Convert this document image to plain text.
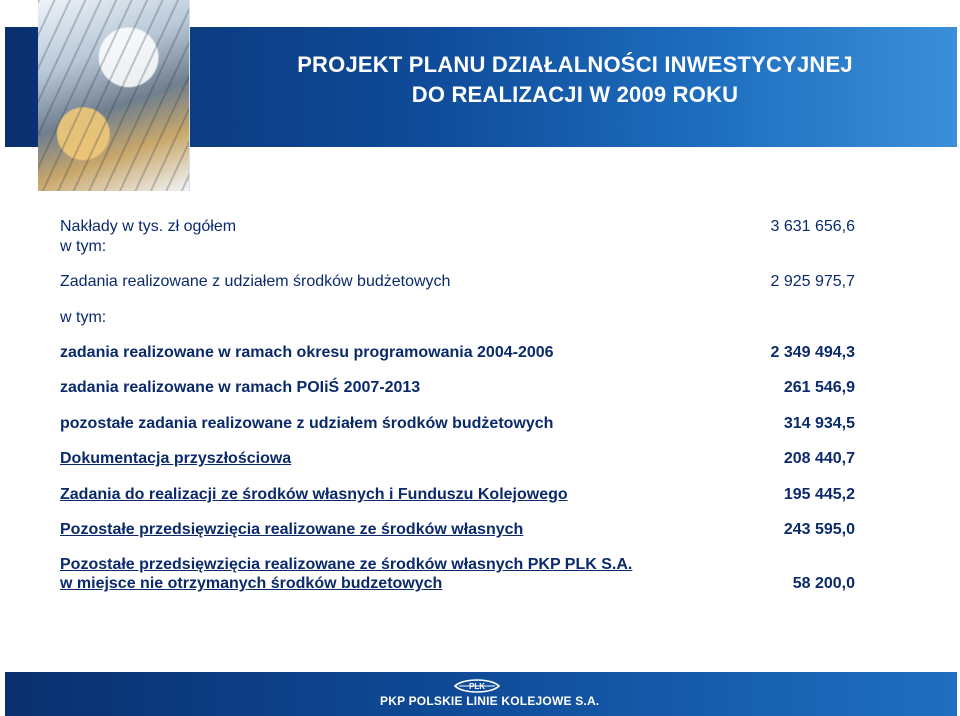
PROJEKT PLANU DZIAŁALNOŚCI INWESTYCYJNEJ
DO REALIZACJI W 2009 ROKU
Nakłady w tys. zł ogółem	3 631 656,6
w tym:
Zadania realizowane z udziałem środków budżetowych	2 925 975,7
w tym:
zadania realizowane w ramach okresu programowania 2004-2006	2 349 494,3
zadania realizowane w ramach POIiŚ 2007-2013	261 546,9
pozostałe zadania realizowane z udziałem środków budżetowych	314 934,5
Dokumentacja przyszłościowa	208 440,7
Zadania do realizacji ze środków własnych i Funduszu Kolejowego	195 445,2
Pozostałe przedsięwzięcia realizowane ze środków własnych	243 595,0
Pozostałe przedsięwzięcia realizowane ze środków własnych PKP PLK S.A.
w miejsce nie otrzymanych środków budzetowych	58 200,0
PLK
PKP POLSKIE LINIE KOLEJOWE S.A.
